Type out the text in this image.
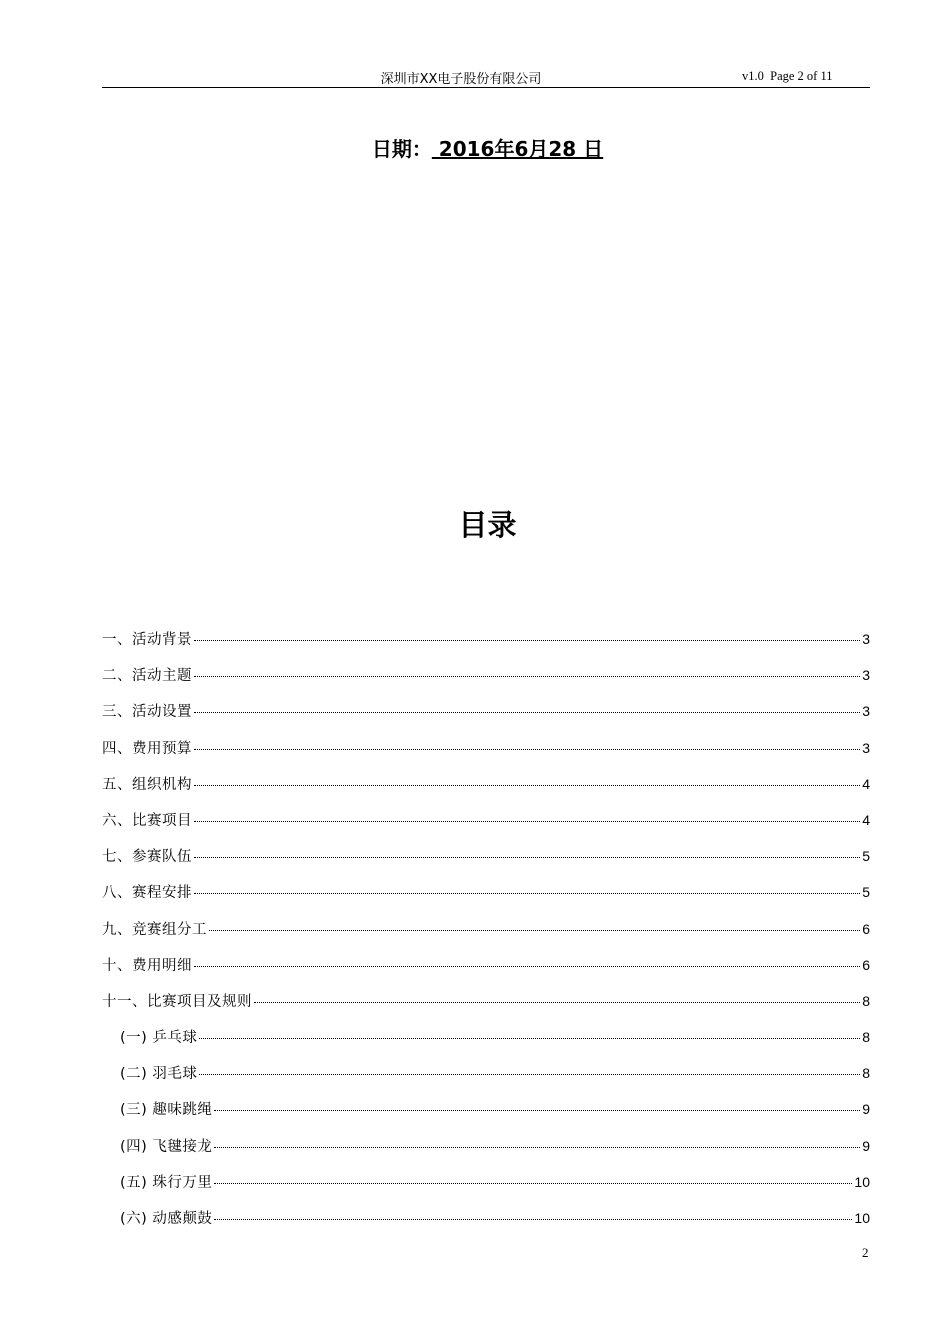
深圳市XX电子股份有限公司	v1.0  Page 2 of 11
日期： 2016年6月28 日
目录
一、活动背景	3
二、活动主题	3
三、活动设置	3
四、费用预算	3
五、组织机构	4
六、比赛项目	4
七、参赛队伍	5
八、赛程安排	5
九、竞赛组分工	6
十、费用明细	6
十一、比赛项目及规则	8
(一) 乒乓球	8
(二) 羽毛球	8
(三) 趣味跳绳	9
(四) 飞毽接龙	9
(五) 珠行万里	10
(六) 动感颠鼓	10
2
